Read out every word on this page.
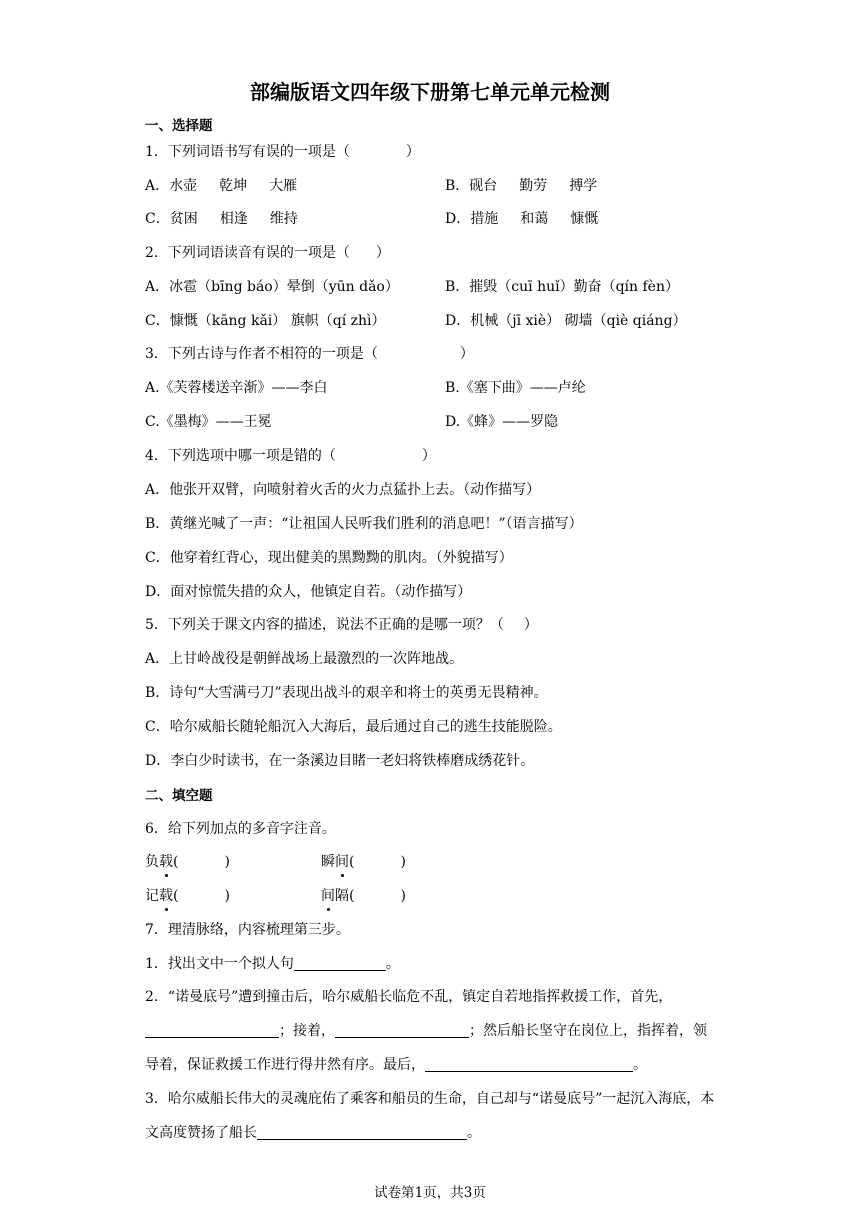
部编版语文四年级下册第七单元单元检测
一、选择题
1．下列词语书写有误的一项是（	）
A．水壶 乾坤 大雁	B．砚台 勤劳 搏学
C．贫困 相逢 维持	D．措施 和蔼 慷慨
2．下列词语读音有误的一项是（ ）
A．冰雹（bīng báo）晕倒（yūn dǎo）	B．摧毁（cuī huǐ）勤奋（qín fèn）
C．慷慨（kāng kǎi） 旗帜（qí zhì）	D．机械（jī xiè） 砌墙（qiè qiáng）
3．下列古诗与作者不相符的一项是（	）
A.《芙蓉楼送辛渐》——李白	B.《塞下曲》——卢纶
C.《墨梅》——王冕	D.《蜂》——罗隐
4．下列选项中哪一项是错的（	）
A．他张开双臂，向喷射着火舌的火力点猛扑上去。（动作描写）
B．黄继光喊了一声：“让祖国人民听我们胜利的消息吧！”（语言描写）
C．他穿着红背心，现出健美的黑黝黝的肌肉。（外貌描写）
D．面对惊慌失措的众人，他镇定自若。（动作描写）
5．下列关于课文内容的描述，说法不正确的是哪一项？（ ）
A．上甘岭战役是朝鲜战场上最激烈的一次阵地战。
B．诗句“大雪满弓刀”表现出战斗的艰辛和将士的英勇无畏精神。
C．哈尔威船长随轮船沉入大海后，最后通过自己的逃生技能脱险。
D．李白少时读书，在一条溪边目睹一老妇将铁棒磨成绣花针。
二、填空题
6．给下列加点的多音字注音。
负载(	)	瞬间(	)
记载(	)	间隔(	)
7．理清脉络，内容梳理第三步。
1．找出文中一个拟人句	。
2．“诺曼底号”遭到撞击后，哈尔威船长临危不乱，镇定自若地指挥救援工作，首先，
；接着，	；然后船长坚守在岗位上，指挥着，领导着，保证救援工作进行得井然有序。最后，	。
3．哈尔威船长伟大的灵魂庇佑了乘客和船员的生命，自己却与“诺曼底号”一起沉入海底，本文高度赞扬了船长	。
试卷第1页，共3页
